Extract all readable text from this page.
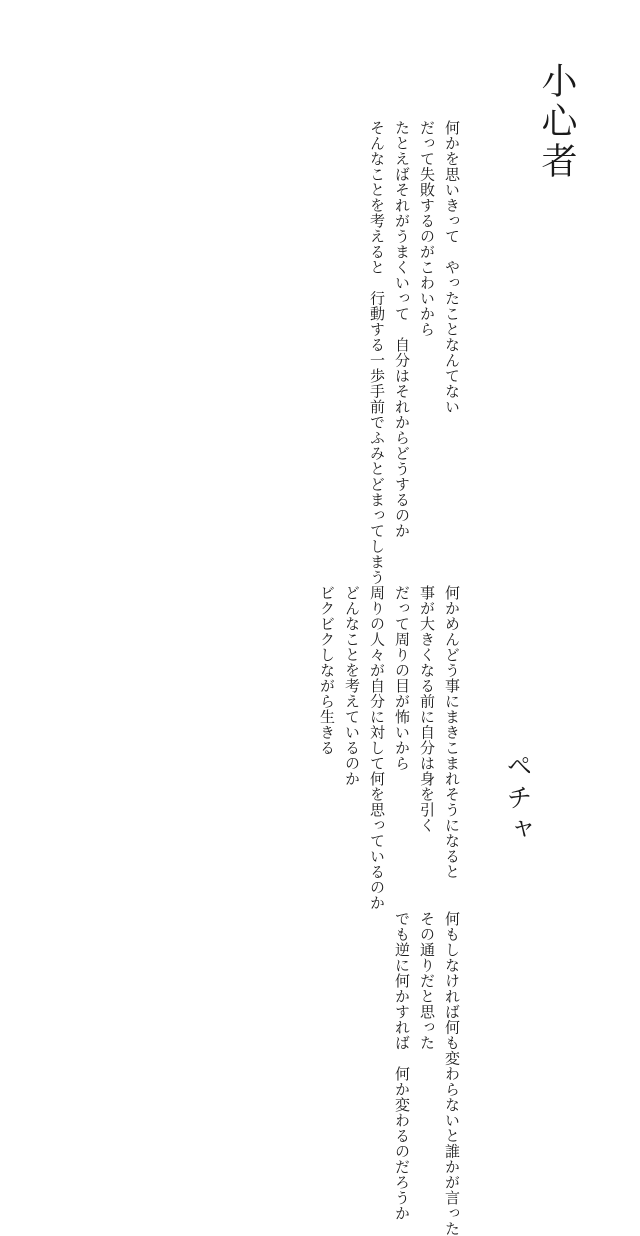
小心者
何かを思いきって　やったことなんてない
だって失敗するのがこわいから
たとえばそれがうまくいって　自分はそれからどうするのか
そんなことを考えると　行動する一歩手前でふみとどまってしまう
何かめんどう事にまきこまれそうになると
事が大きくなる前に自分は身を引く
だって周りの目が怖いから
周りの人々が自分に対して何を思っているのか
どんなことを考えているのか
ビクビクしながら生きる
何もしなければ何も変わらないと誰かが言った
その通りだと思った
でも逆に何かすれば　何か変わるのだろうか
ペチャ
